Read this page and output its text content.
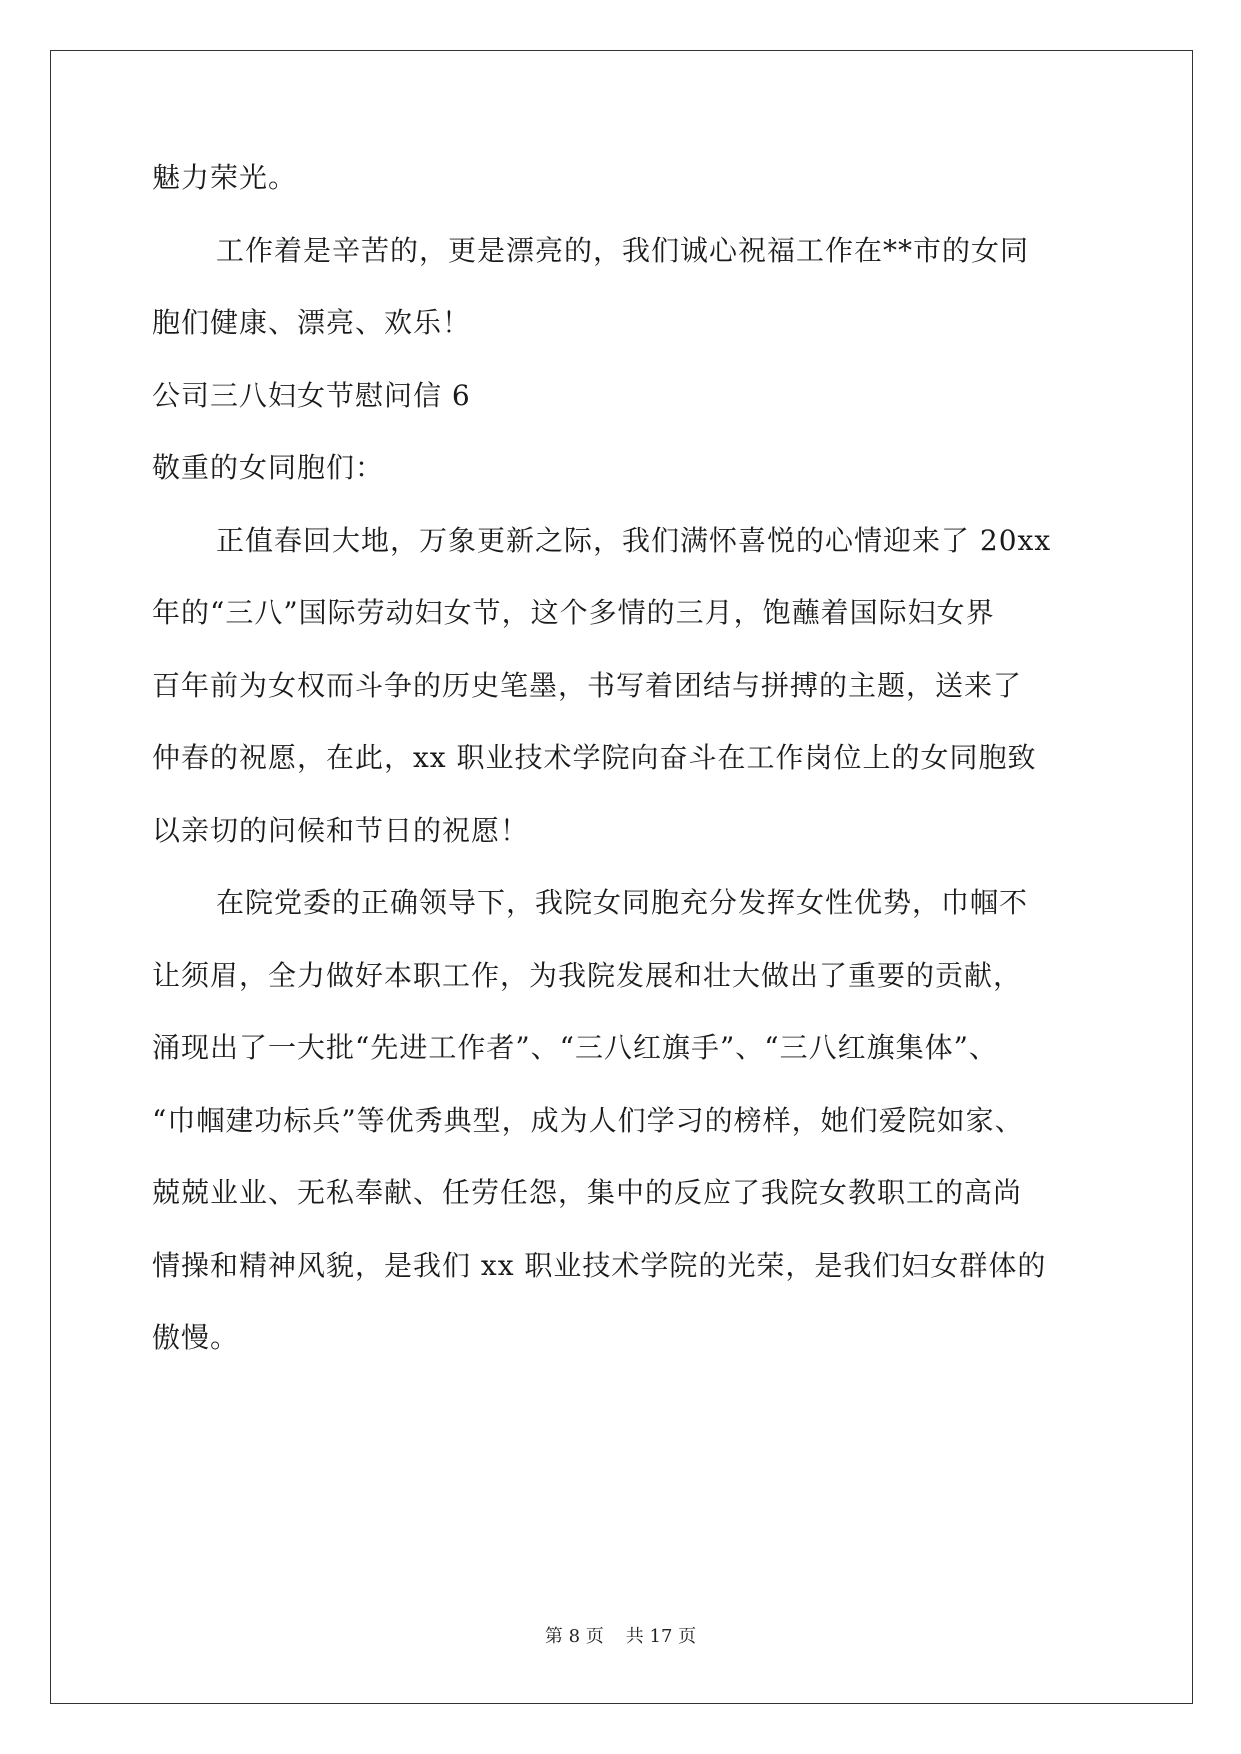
魅力荣光。
工作着是辛苦的，更是漂亮的，我们诚心祝福工作在**市的女同
胞们健康、漂亮、欢乐！
公司三八妇女节慰问信 6
敬重的女同胞们：
正值春回大地，万象更新之际，我们满怀喜悦的心情迎来了 20xx
年的“三八”国际劳动妇女节，这个多情的三月，饱蘸着国际妇女界
百年前为女权而斗争的历史笔墨，书写着团结与拼搏的主题，送来了
仲春的祝愿，在此，xx 职业技术学院向奋斗在工作岗位上的女同胞致
以亲切的问候和节日的祝愿！
在院党委的正确领导下，我院女同胞充分发挥女性优势，巾帼不
让须眉，全力做好本职工作，为我院发展和壮大做出了重要的贡献，
涌现出了一大批“先进工作者”、“三八红旗手”、“三八红旗集体”、
“巾帼建功标兵”等优秀典型，成为人们学习的榜样，她们爱院如家、
兢兢业业、无私奉献、任劳任怨，集中的反应了我院女教职工的高尚
情操和精神风貌，是我们 xx 职业技术学院的光荣，是我们妇女群体的
傲慢。
第 8 页 共 17 页
